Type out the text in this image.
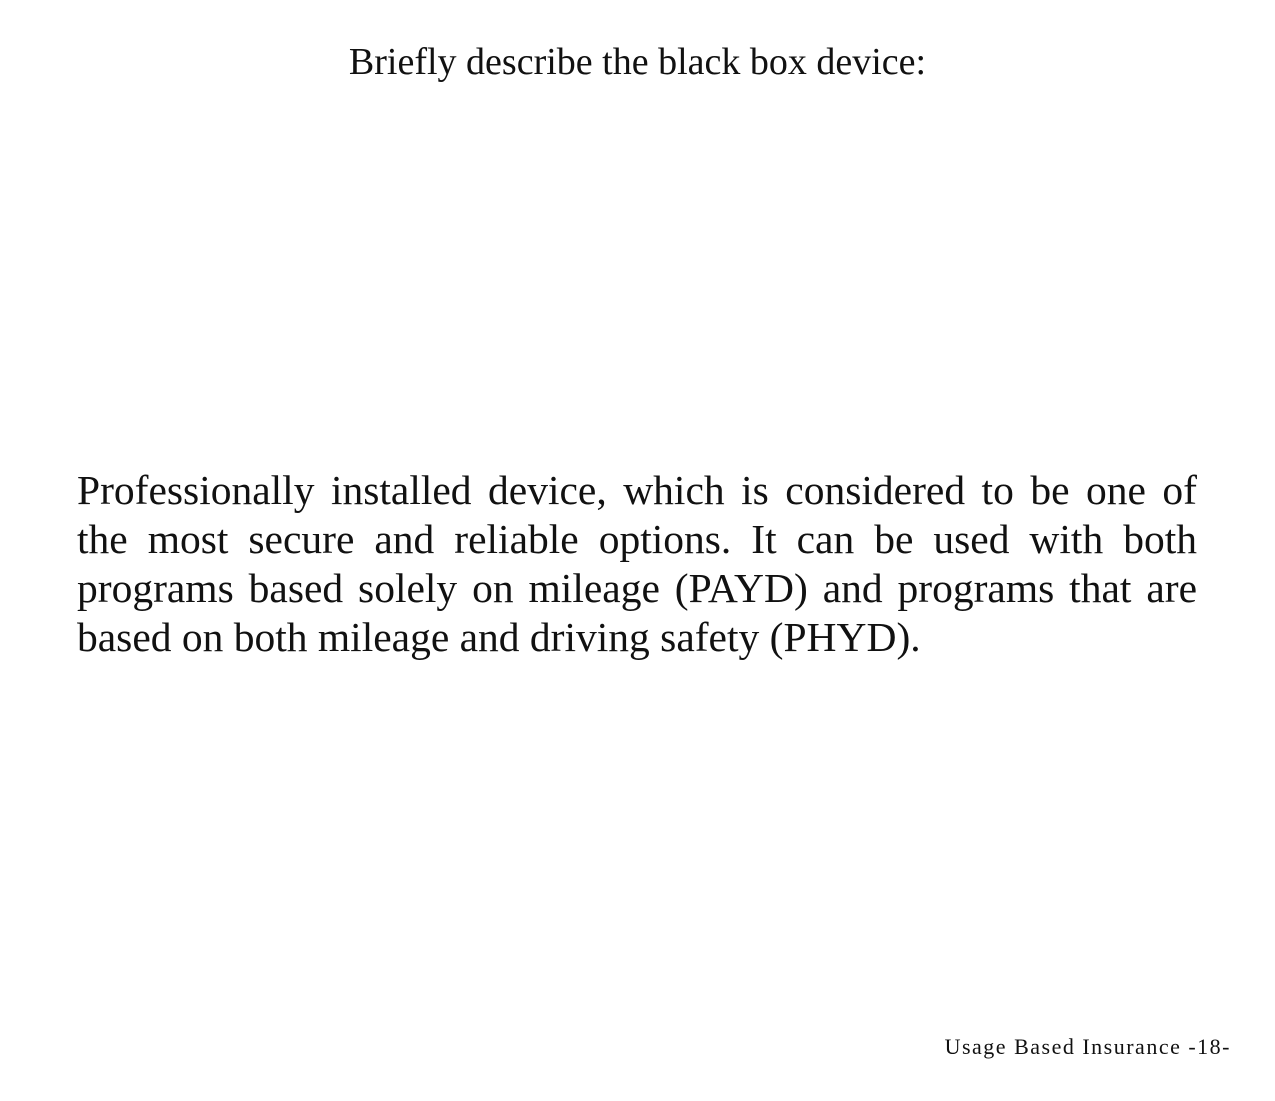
Briefly describe the black box device:

Professionally installed device, which is considered to be one of the most secure and reliable options. It can be used with both programs based solely on mileage (PAYD) and programs that are based on both mileage and driving safety (PHYD).

Usage Based Insurance -18-
